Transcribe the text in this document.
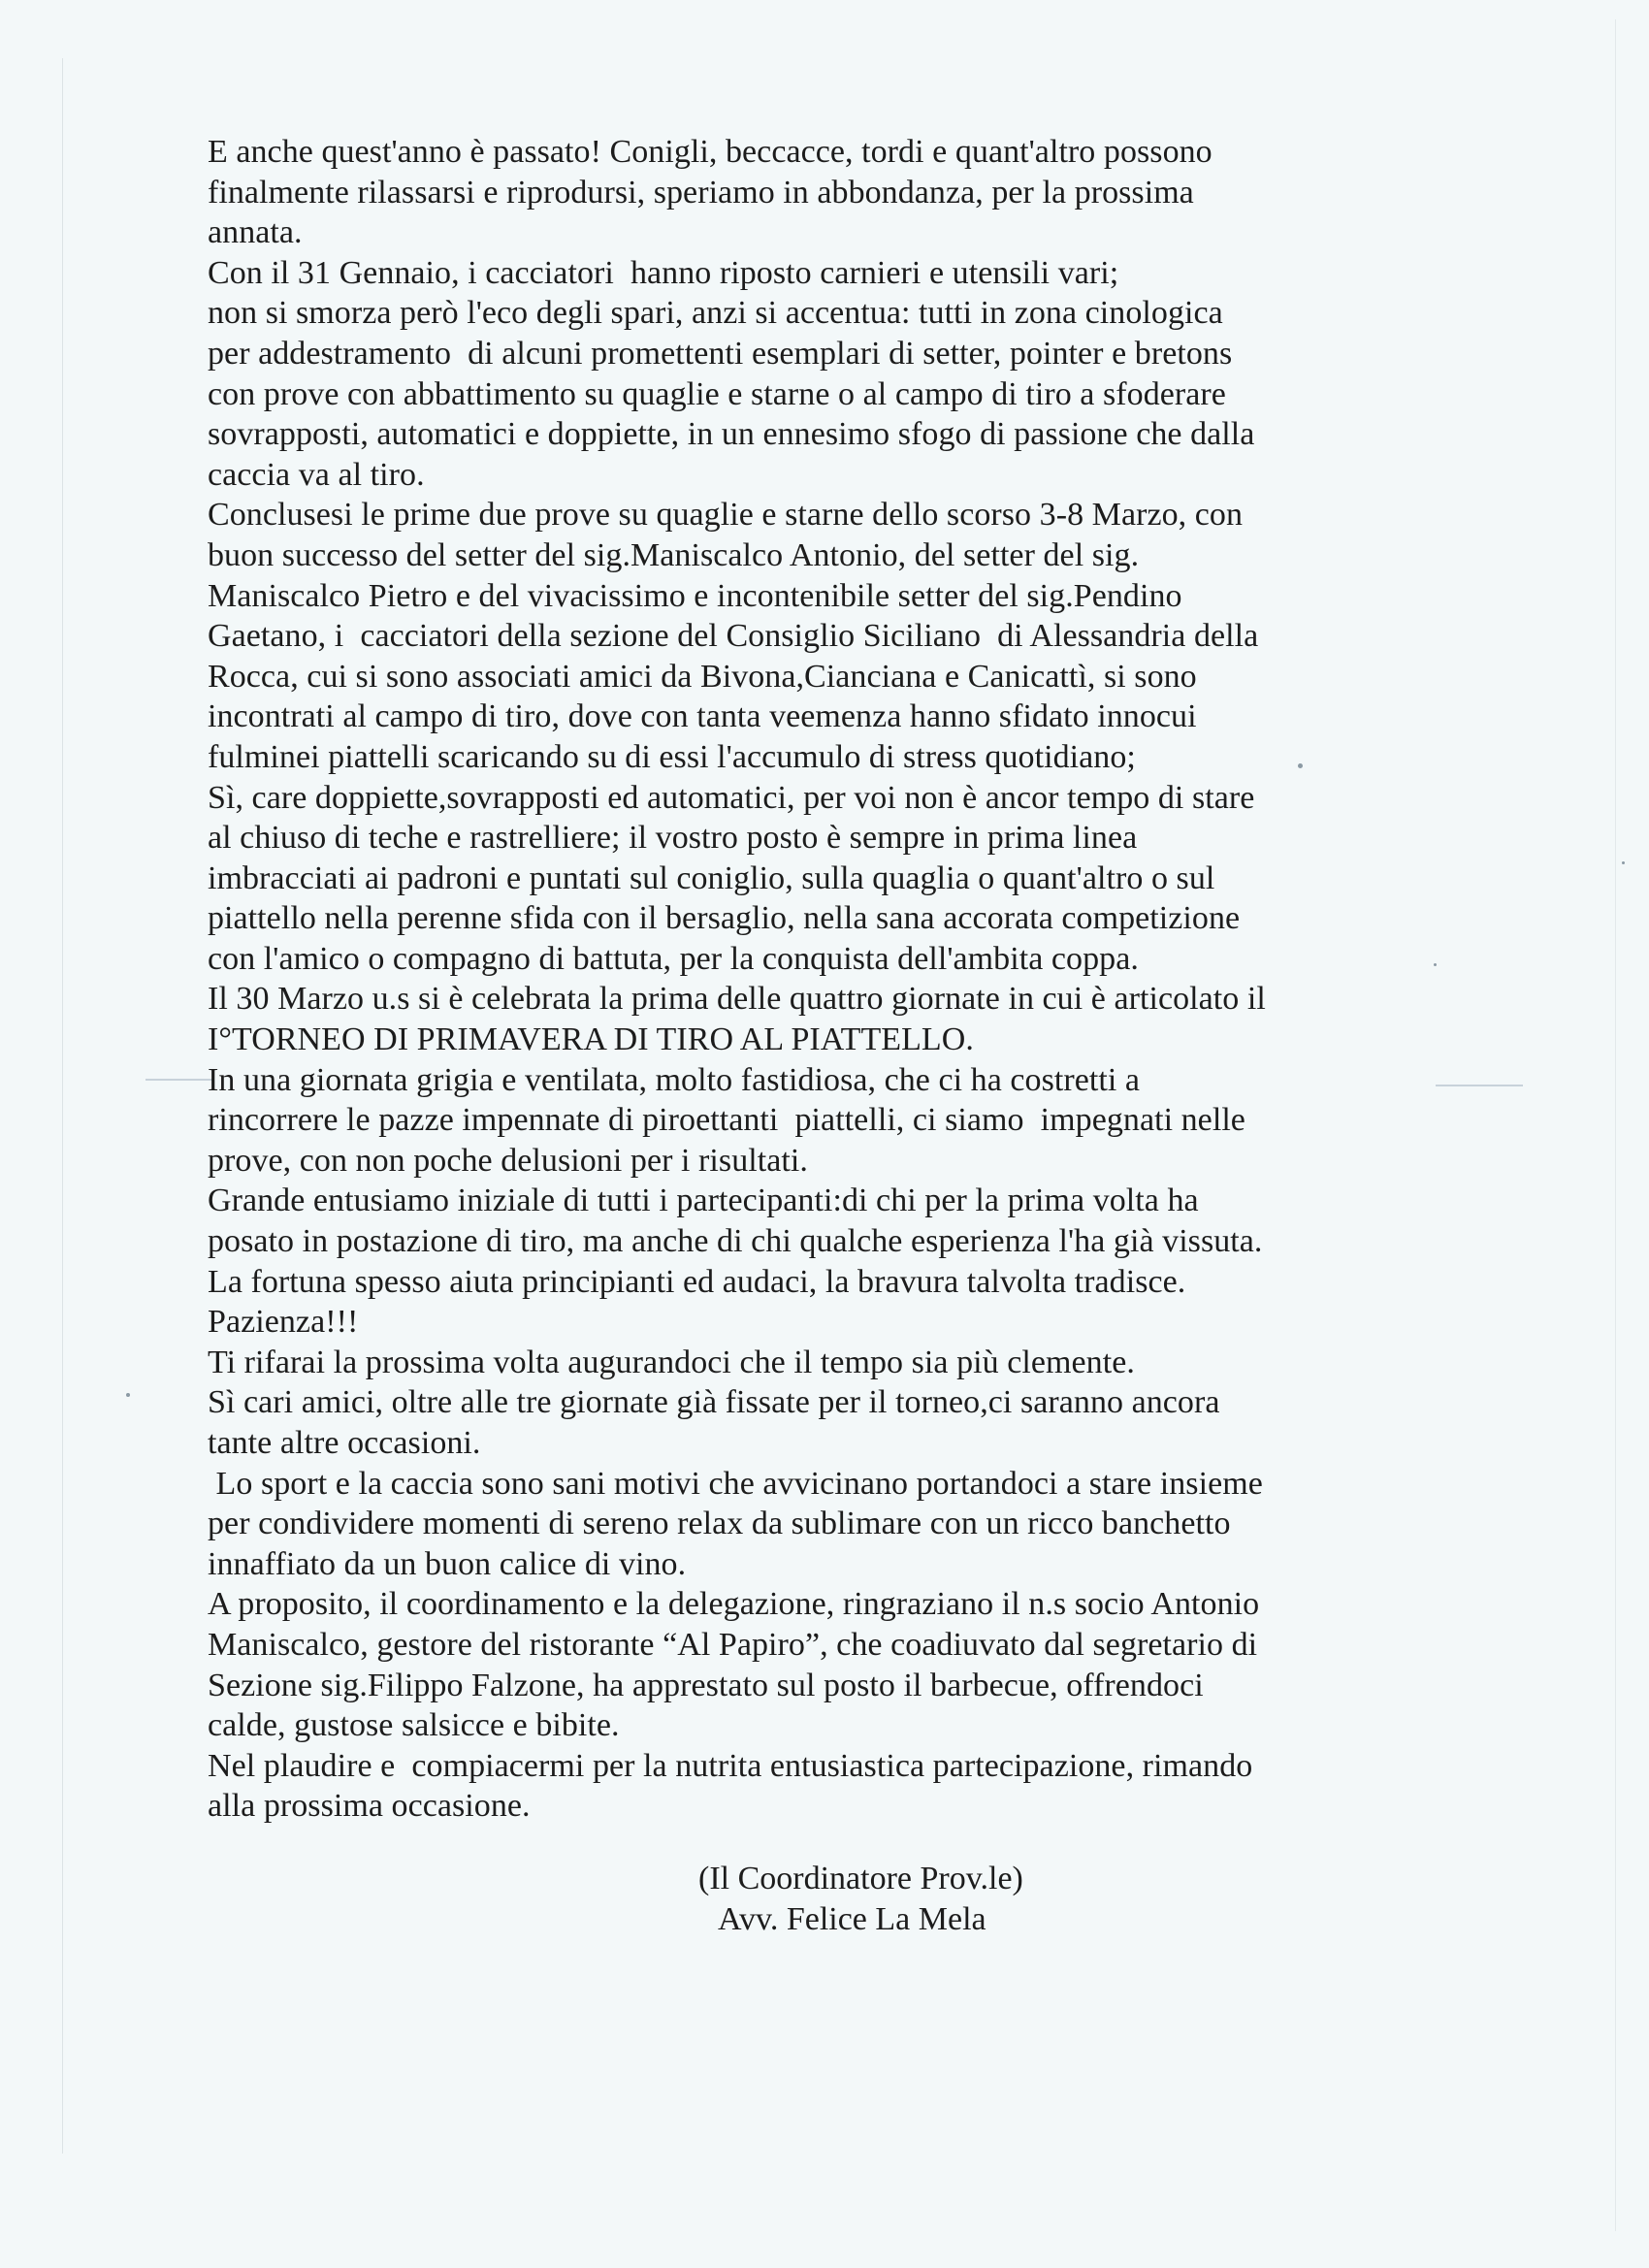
E anche quest'anno è passato! Conigli, beccacce, tordi e quant'altro possono
finalmente rilassarsi e riprodursi, speriamo in abbondanza, per la prossima
annata.
Con il 31 Gennaio, i cacciatori  hanno riposto carnieri e utensili vari;
non si smorza però l'eco degli spari, anzi si accentua: tutti in zona cinologica
per addestramento  di alcuni promettenti esemplari di setter, pointer e bretons
con prove con abbattimento su quaglie e starne o al campo di tiro a sfoderare
sovrapposti, automatici e doppiette, in un ennesimo sfogo di passione che dalla
caccia va al tiro.
Conclusesi le prime due prove su quaglie e starne dello scorso 3-8 Marzo, con
buon successo del setter del sig.Maniscalco Antonio, del setter del sig.
Maniscalco Pietro e del vivacissimo e incontenibile setter del sig.Pendino
Gaetano, i  cacciatori della sezione del Consiglio Siciliano  di Alessandria della
Rocca, cui si sono associati amici da Bivona,Cianciana e Canicattì, si sono
incontrati al campo di tiro, dove con tanta veemenza hanno sfidato innocui
fulminei piattelli scaricando su di essi l'accumulo di stress quotidiano;
Sì, care doppiette,sovrapposti ed automatici, per voi non è ancor tempo di stare
al chiuso di teche e rastrelliere; il vostro posto è sempre in prima linea
imbracciati ai padroni e puntati sul coniglio, sulla quaglia o quant'altro o sul
piattello nella perenne sfida con il bersaglio, nella sana accorata competizione
con l'amico o compagno di battuta, per la conquista dell'ambita coppa.
Il 30 Marzo u.s si è celebrata la prima delle quattro giornate in cui è articolato il
I°TORNEO DI PRIMAVERA DI TIRO AL PIATTELLO.
In una giornata grigia e ventilata, molto fastidiosa, che ci ha costretti a
rincorrere le pazze impennate di piroettanti  piattelli, ci siamo  impegnati nelle
prove, con non poche delusioni per i risultati.
Grande entusiamo iniziale di tutti i partecipanti:di chi per la prima volta ha
posato in postazione di tiro, ma anche di chi qualche esperienza l'ha già vissuta.
La fortuna spesso aiuta principianti ed audaci, la bravura talvolta tradisce.
Pazienza!!!
Ti rifarai la prossima volta augurandoci che il tempo sia più clemente.
Sì cari amici, oltre alle tre giornate già fissate per il torneo,ci saranno ancora
tante altre occasioni.
Lo sport e la caccia sono sani motivi che avvicinano portandoci a stare insieme
per condividere momenti di sereno relax da sublimare con un ricco banchetto
innaffiato da un buon calice di vino.
A proposito, il coordinamento e la delegazione, ringraziano il n.s socio Antonio
Maniscalco, gestore del ristorante “Al Papiro”, che coadiuvato dal segretario di
Sezione sig.Filippo Falzone, ha apprestato sul posto il barbecue, offrendoci
calde, gustose salsicce e bibite.
Nel plaudire e  compiacermi per la nutrita entusiastica partecipazione, rimando
alla prossima occasione.
(Il Coordinatore Prov.le)
Avv. Felice La Mela
